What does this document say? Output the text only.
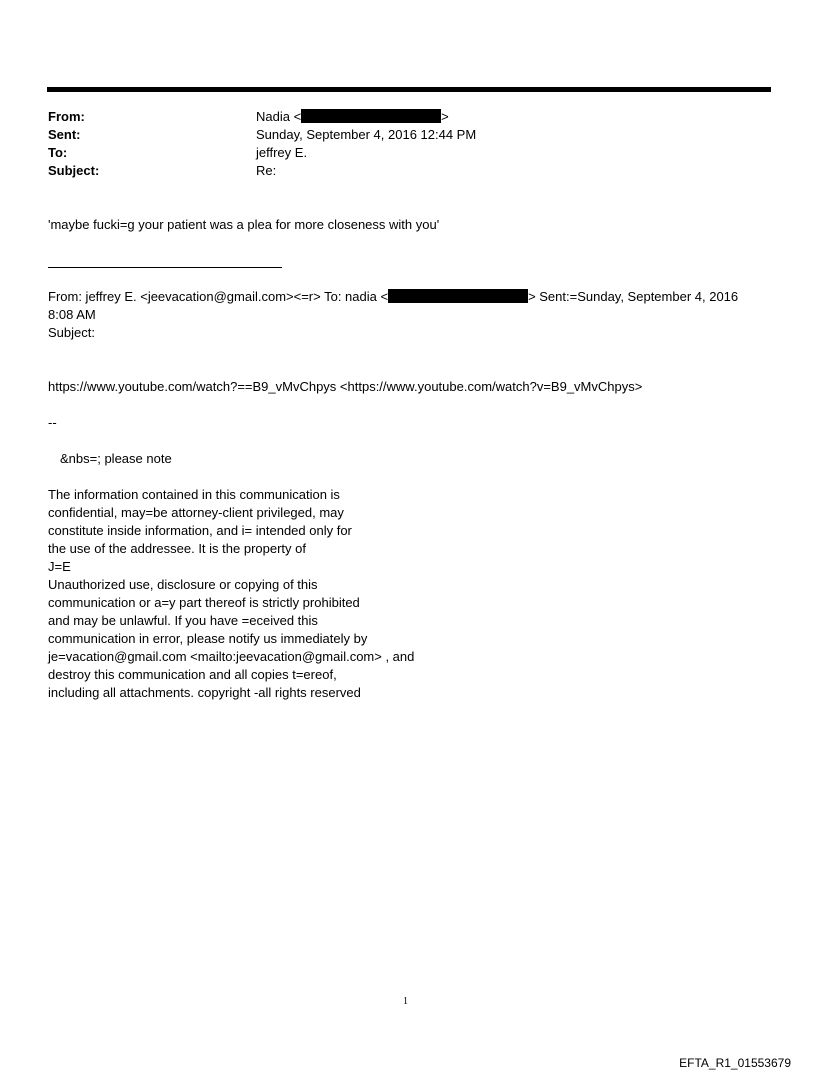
From:	Nadia <	>
Sent:	Sunday, September 4, 2016 12:44 PM
To:	jeffrey E.
Subject:	Re:
'maybe fucki=g your patient was a plea for more closeness with you'
From: jeffrey E. <jeevacation@gmail.com><=r> To: nadia <	> Sent:=Sunday, September 4, 2016
8:08 AM
Subject:
https://www.youtube.com/watch?==B9_vMvChpys <https://www.youtube.com/watch?v=B9_vMvChpys>
--
&nbs=; please note
The information contained in this communication is
confidential, may=be attorney-client privileged, may
constitute inside information, and i= intended only for
the use of the addressee. It is the property of
J=E
Unauthorized use, disclosure or copying of this
communication or a=y part thereof is strictly prohibited
and may be unlawful. If you have =eceived this
communication in error, please notify us immediately by
je=vacation@gmail.com <mailto:jeevacation@gmail.com> , and
destroy this communication and all copies t=ereof,
including all attachments. copyright -all rights reserved
1
EFTA_R1_01553679
